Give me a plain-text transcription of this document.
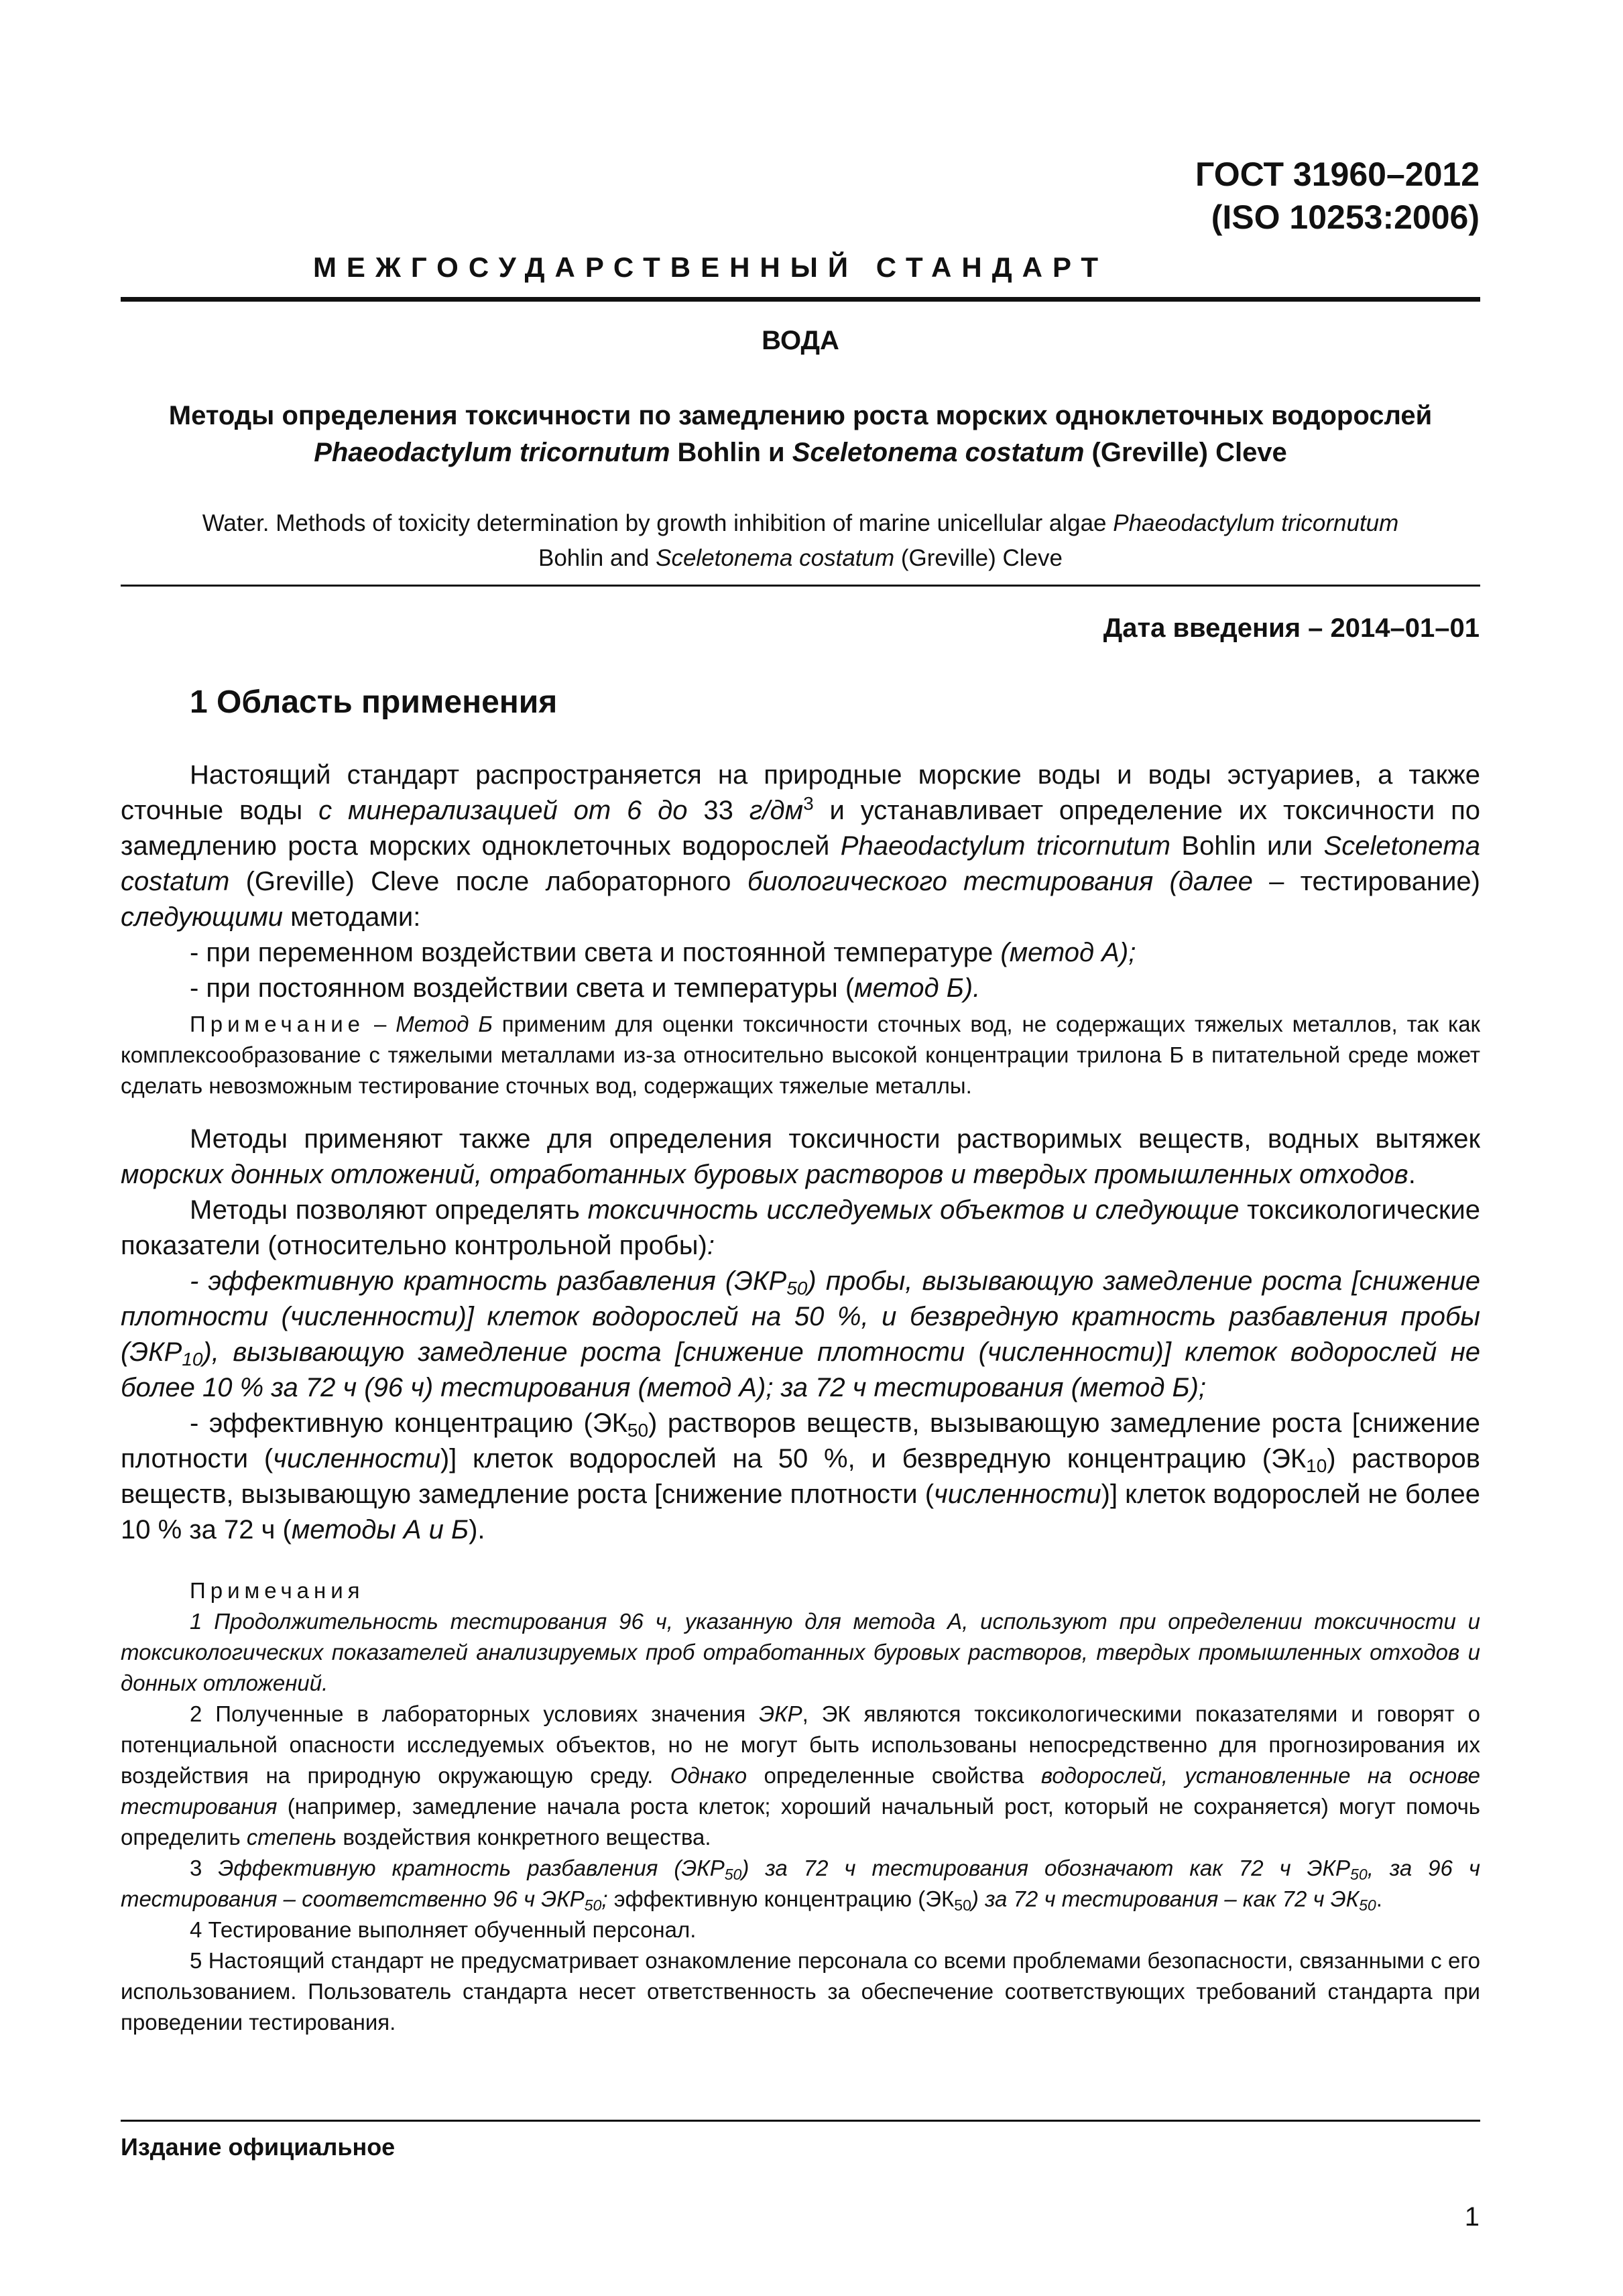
ГОСТ 31960–2012
(ISO 10253:2006)
МЕЖГОСУДАРСТВЕННЫЙ СТАНДАРТ
ВОДА
Методы определения токсичности по замедлению роста морских одноклеточных водорослей
Phaeodactylum tricornutum Bohlin и Sceletonema costatum (Greville) Cleve
Water. Methods of toxicity determination by growth inhibition of marine unicellular algae Phaeodactylum tricornutum
Bohlin and Sceletonema costatum (Greville) Cleve
Дата введения – 2014–01–01
1 Область применения

Настоящий стандарт распространяется на природные морские воды и воды эстуариев, а также сточные воды с минерализацией от 6 до 33 $г/дм^3$ и устанавливает определение их токсичности по замедлению роста морских одноклеточных водорослей Phaeodactylum tricornutum Bohlin или Sceletonema costatum (Greville) Cleve после лабораторного биологического тестирования (далее – тестирование) следующими методами:

- при переменном воздействии света и постоянной температуре (метод А);

- при постоянном воздействии света и температуры (метод Б).

Примечание – Метод Б применим для оценки токсичности сточных вод, не содержащих тяжелых металлов, так как комплексообразование с тяжелыми металлами из-за относительно высокой концентрации трилона Б в питательной среде может сделать невозможным тестирование сточных вод, содержащих тяжелые металлы.

Методы применяют также для определения токсичности растворимых веществ, водных вытяжек морских донных отложений, отработанных буровых растворов и твердых промышленных отходов.

Методы позволяют определять токсичность исследуемых объектов и следующие токсикологические показатели (относительно контрольной пробы):

- эффективную кратность разбавления $(ЭКР_{50})$ пробы, вызывающую замедление роста [снижение плотности (численности)] клеток водорослей на 50 %, и безвредную кратность разбавления пробы $(ЭКР_{10})$, вызывающую замедление роста [снижение плотности (численности)] клеток водорослей не более 10 % за 72 ч (96 ч) тестирования (метод А); за 72 ч тестирования (метод Б);

- эффективную концентрацию $(ЭК_{50})$ растворов веществ, вызывающую замедление роста [снижение плотности (численности)] клеток водорослей на 50 %, и безвредную концентрацию $(ЭК_{10})$ растворов веществ, вызывающую замедление роста [снижение плотности (численности)] клеток водорослей не более 10 % за 72 ч (методы А и Б).

Примечания

1 Продолжительность тестирования 96 ч, указанную для метода А, используют при определении токсичности и токсикологических показателей анализируемых проб отработанных буровых растворов, твердых промышленных отходов и донных отложений.

2 Полученные в лабораторных условиях значения ЭКР, ЭК являются токсикологическими показателями и говорят о потенциальной опасности исследуемых объектов, но не могут быть использованы непосредственно для прогнозирования их воздействия на природную окружающую среду. Однако определенные свойства водорослей, установленные на основе тестирования (например, замедление начала роста клеток; хороший начальный рост, который не сохраняется) могут помочь определить степень воздействия конкретного вещества.

3 Эффективную кратность разбавления $(ЭКР_{50})$ за 72 ч тестирования обозначают как 72 ч $ЭКР_{50}$, за 96 ч тестирования – соответственно 96 ч $ЭКР_{50}$; эффективную концентрацию $(ЭК_{50})$ за 72 ч тестирования – как 72 ч $ЭК_{50}$.

4 Тестирование выполняет обученный персонал.

5 Настоящий стандарт не предусматривает ознакомление персонала со всеми проблемами безопасности, связанными с его использованием. Пользователь стандарта несет ответственность за обеспечение соответствующих требований стандарта при проведении тестирования.

Издание официальное
1
